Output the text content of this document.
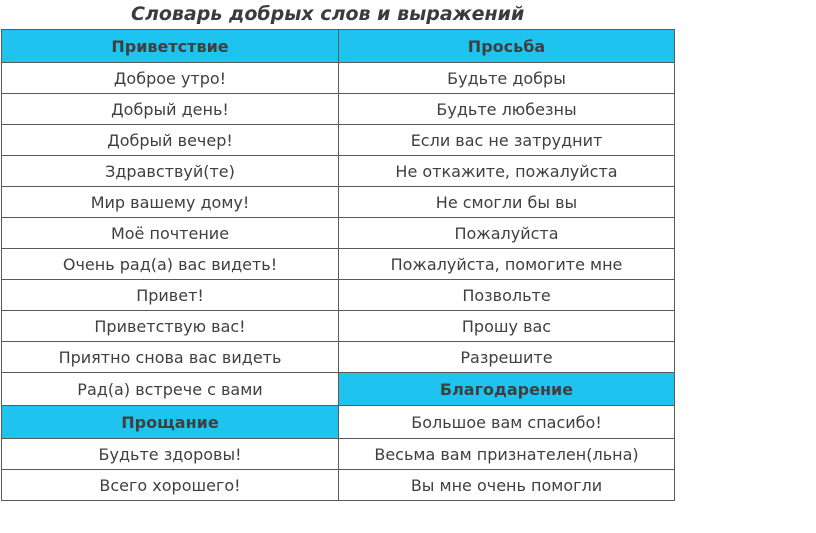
Словарь добрых слов и выражений
Приветствие	Просьба
Доброе утро!	Будьте добры
Добрый день!	Будьте любезны
Добрый вечер!	Если вас не затруднит
Здравствуй(те)	Не откажите, пожалуйста
Мир вашему дому!	Не смогли бы вы
Моё почтение	Пожалуйста
Очень рад(а) вас видеть!	Пожалуйста, помогите мне
Привет!	Позвольте
Приветствую вас!	Прошу вас
Приятно снова вас видеть	Разрешите
Рад(а) встрече с вами	Благодарение
Прощание	Большое вам спасибо!
Будьте здоровы!	Весьма вам признателен(льна)
Всего хорошего!	Вы мне очень помогли
